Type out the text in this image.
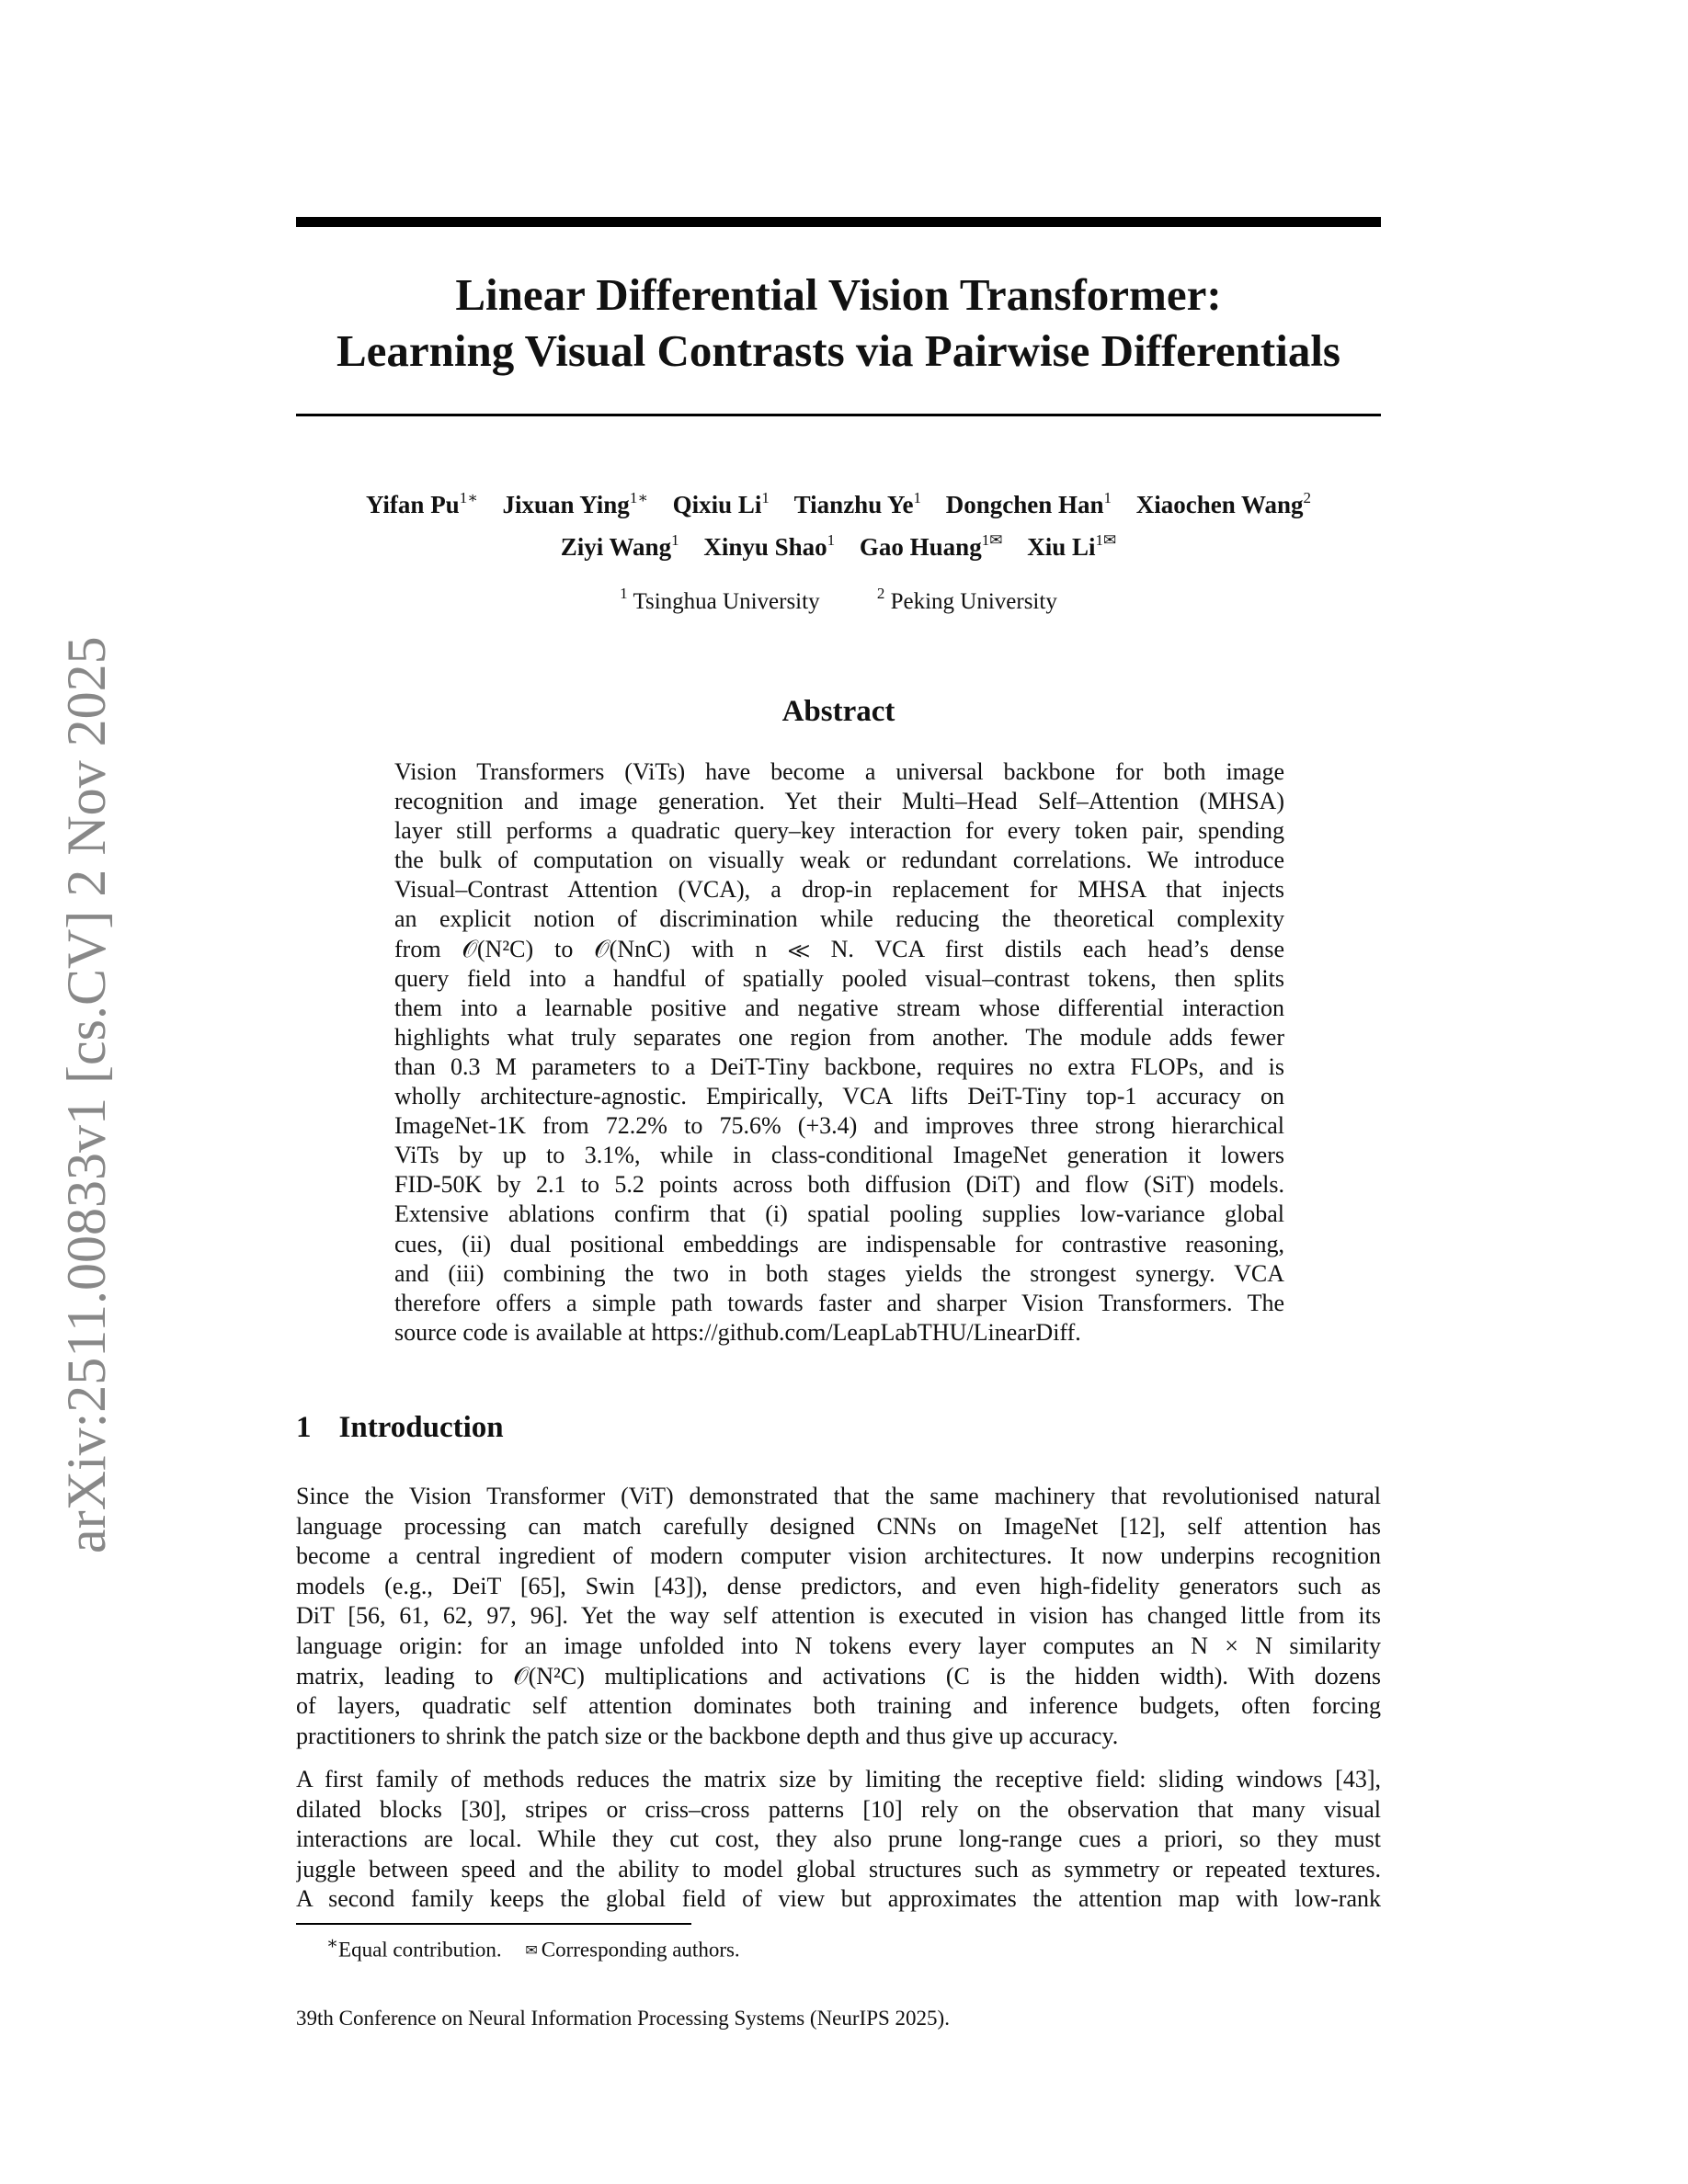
arXiv:2511.00833v1 [cs.CV] 2 Nov 2025
Linear Differential Vision Transformer:
Learning Visual Contrasts via Pairwise Differentials
Yifan $Pu^{1∗}$ Jixuan Ying$^{1∗}$ Qixiu Li$^1$ Tianzhu Ye$^1$ Dongchen Han$^1$ Xiaochen Wang$^2$
Ziyi Wang$^1$ Xinyu Shao$^1$ Gao Huang$^{1✉}$ Xiu $Li^{1✉}$
$^1$ Tsinghua University	$^2$ Peking University
Abstract
Vision Transformers (ViTs) have become a universal backbone for both image
recognition and image generation. Yet their Multi–Head Self–Attention (MHSA)
layer still performs a quadratic query–key interaction for every token pair, spending
the bulk of computation on visually weak or redundant correlations. We introduce
Visual–Contrast Attention (VCA), a drop-in replacement for MHSA that injects
an explicit notion of discrimination while reducing the theoretical complexity
from 𝒪(N²C) to 𝒪(NnC) with n ≪ N. VCA first distils each head’s dense
query field into a handful of spatially pooled visual–contrast tokens, then splits
them into a learnable positive and negative stream whose differential interaction
highlights what truly separates one region from another. The module adds fewer
than 0.3 M parameters to a DeiT-Tiny backbone, requires no extra FLOPs, and is
wholly architecture-agnostic. Empirically, VCA lifts DeiT-Tiny top-1 accuracy on
ImageNet-1K from 72.2% to 75.6% (+3.4) and improves three strong hierarchical
ViTs by up to 3.1%, while in class-conditional ImageNet generation it lowers
FID-50K by 2.1 to 5.2 points across both diffusion (DiT) and flow (SiT) models.
Extensive ablations confirm that (i) spatial pooling supplies low-variance global
cues, (ii) dual positional embeddings are indispensable for contrastive reasoning,
and (iii) combining the two in both stages yields the strongest synergy. VCA
therefore offers a simple path towards faster and sharper Vision Transformers. The
source code is available at https://github.com/LeapLabTHU/LinearDiff.
1 Introduction
Since the Vision Transformer (ViT) demonstrated that the same machinery that revolutionised natural
language processing can match carefully designed CNNs on ImageNet [12], self attention has
become a central ingredient of modern computer vision architectures. It now underpins recognition
models (e.g., DeiT [65], Swin [43]), dense predictors, and even high-fidelity generators such as
DiT [56, 61, 62, 97, 96]. Yet the way self attention is executed in vision has changed little from its
language origin: for an image unfolded into N tokens every layer computes an N × N similarity
matrix, leading to 𝒪(N²C) multiplications and activations (C is the hidden width). With dozens
of layers, quadratic self attention dominates both training and inference budgets, often forcing
practitioners to shrink the patch size or the backbone depth and thus give up accuracy.
A first family of methods reduces the matrix size by limiting the receptive field: sliding windows [43],
dilated blocks [30], stripes or criss–cross patterns [10] rely on the observation that many visual
interactions are local. While they cut cost, they also prune long-range cues a priori, so they must
juggle between speed and the ability to model global structures such as symmetry or repeated textures.
A second family keeps the global field of view but approximates the attention map with low-rank
∗Equal contribution. ✉ Corresponding authors.
39th Conference on Neural Information Processing Systems (NeurIPS 2025).
